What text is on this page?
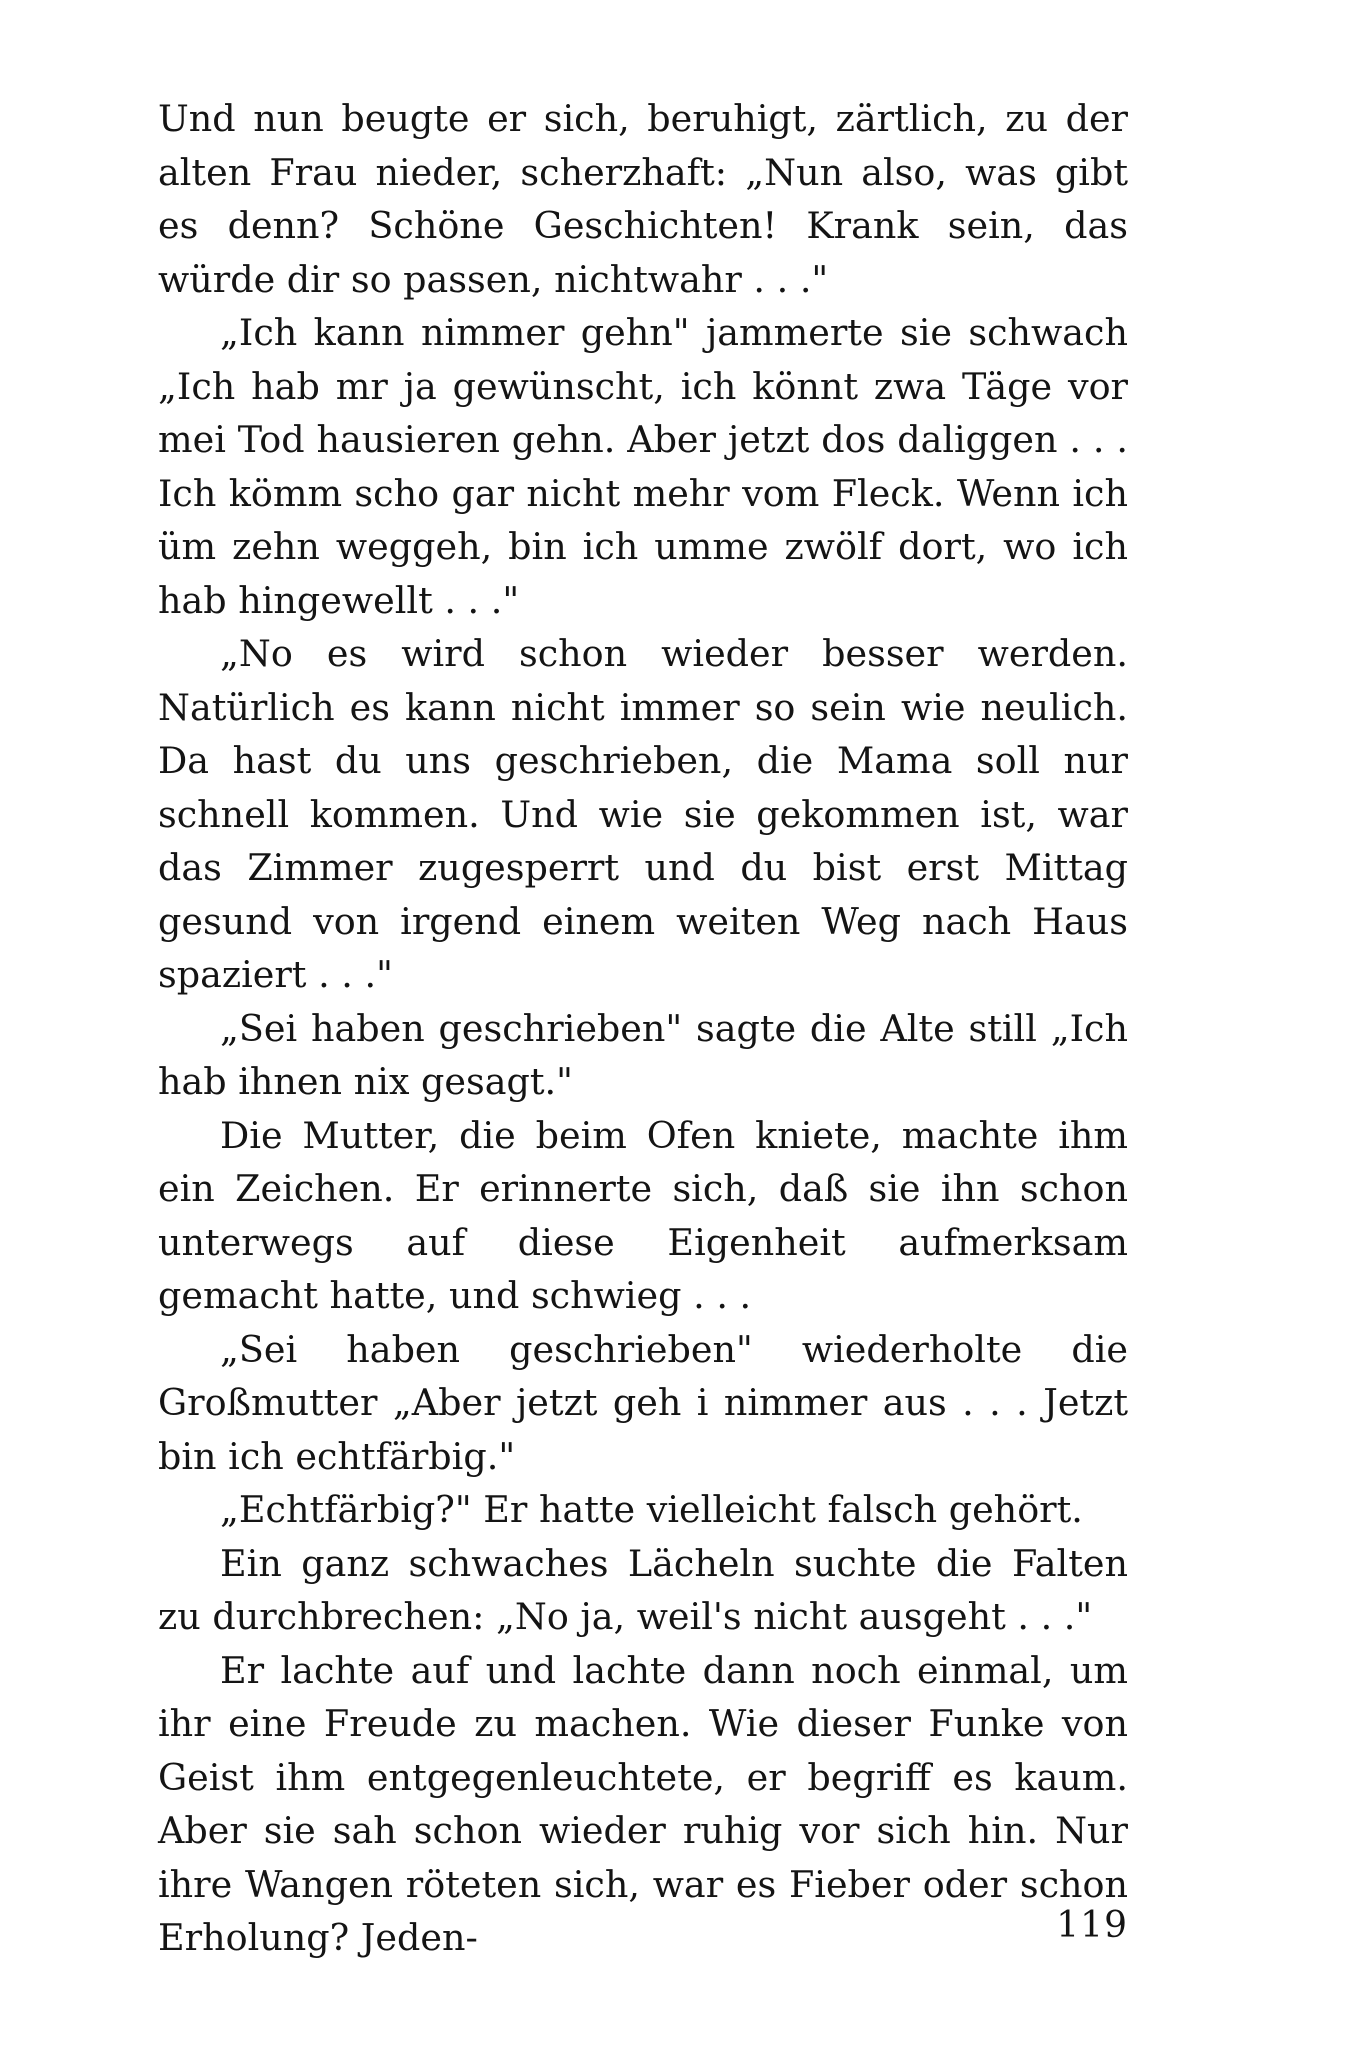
Und nun beugte er sich, beruhigt, zärtlich, zu der alten Frau nieder, scherzhaft: „Nun also, was gibt es denn? Schöne Geschichten! Krank sein, das würde dir so passen, nichtwahr . . ."

„Ich kann nimmer gehn" jammerte sie schwach „Ich hab mr ja gewünscht, ich könnt zwa Täge vor mei Tod hausieren gehn. Aber jetzt dos daliggen . . . Ich kömm scho gar nicht mehr vom Fleck. Wenn ich üm zehn weggeh, bin ich umme zwölf dort, wo ich hab hingewellt . . ."

„No es wird schon wieder besser werden. Natürlich es kann nicht immer so sein wie neulich. Da hast du uns geschrieben, die Mama soll nur schnell kommen. Und wie sie gekommen ist, war das Zimmer zugesperrt und du bist erst Mittag gesund von irgend einem weiten Weg nach Haus spaziert . . ."

„Sei haben geschrieben" sagte die Alte still „Ich hab ihnen nix gesagt."

Die Mutter, die beim Ofen kniete, machte ihm ein Zeichen. Er erinnerte sich, daß sie ihn schon unterwegs auf diese Eigenheit aufmerksam gemacht hatte, und schwieg . . .

„Sei haben geschrieben" wiederholte die Großmutter „Aber jetzt geh i nimmer aus . . . Jetzt bin ich echtfärbig."

„Echtfärbig?" Er hatte vielleicht falsch gehört.

Ein ganz schwaches Lächeln suchte die Falten zu durchbrechen: „No ja, weil's nicht ausgeht . . ."

Er lachte auf und lachte dann noch einmal, um ihr eine Freude zu machen. Wie dieser Funke von Geist ihm entgegenleuchtete, er begriff es kaum. Aber sie sah schon wieder ruhig vor sich hin. Nur ihre Wangen röteten sich, war es Fieber oder schon Erholung? Jeden-	119
